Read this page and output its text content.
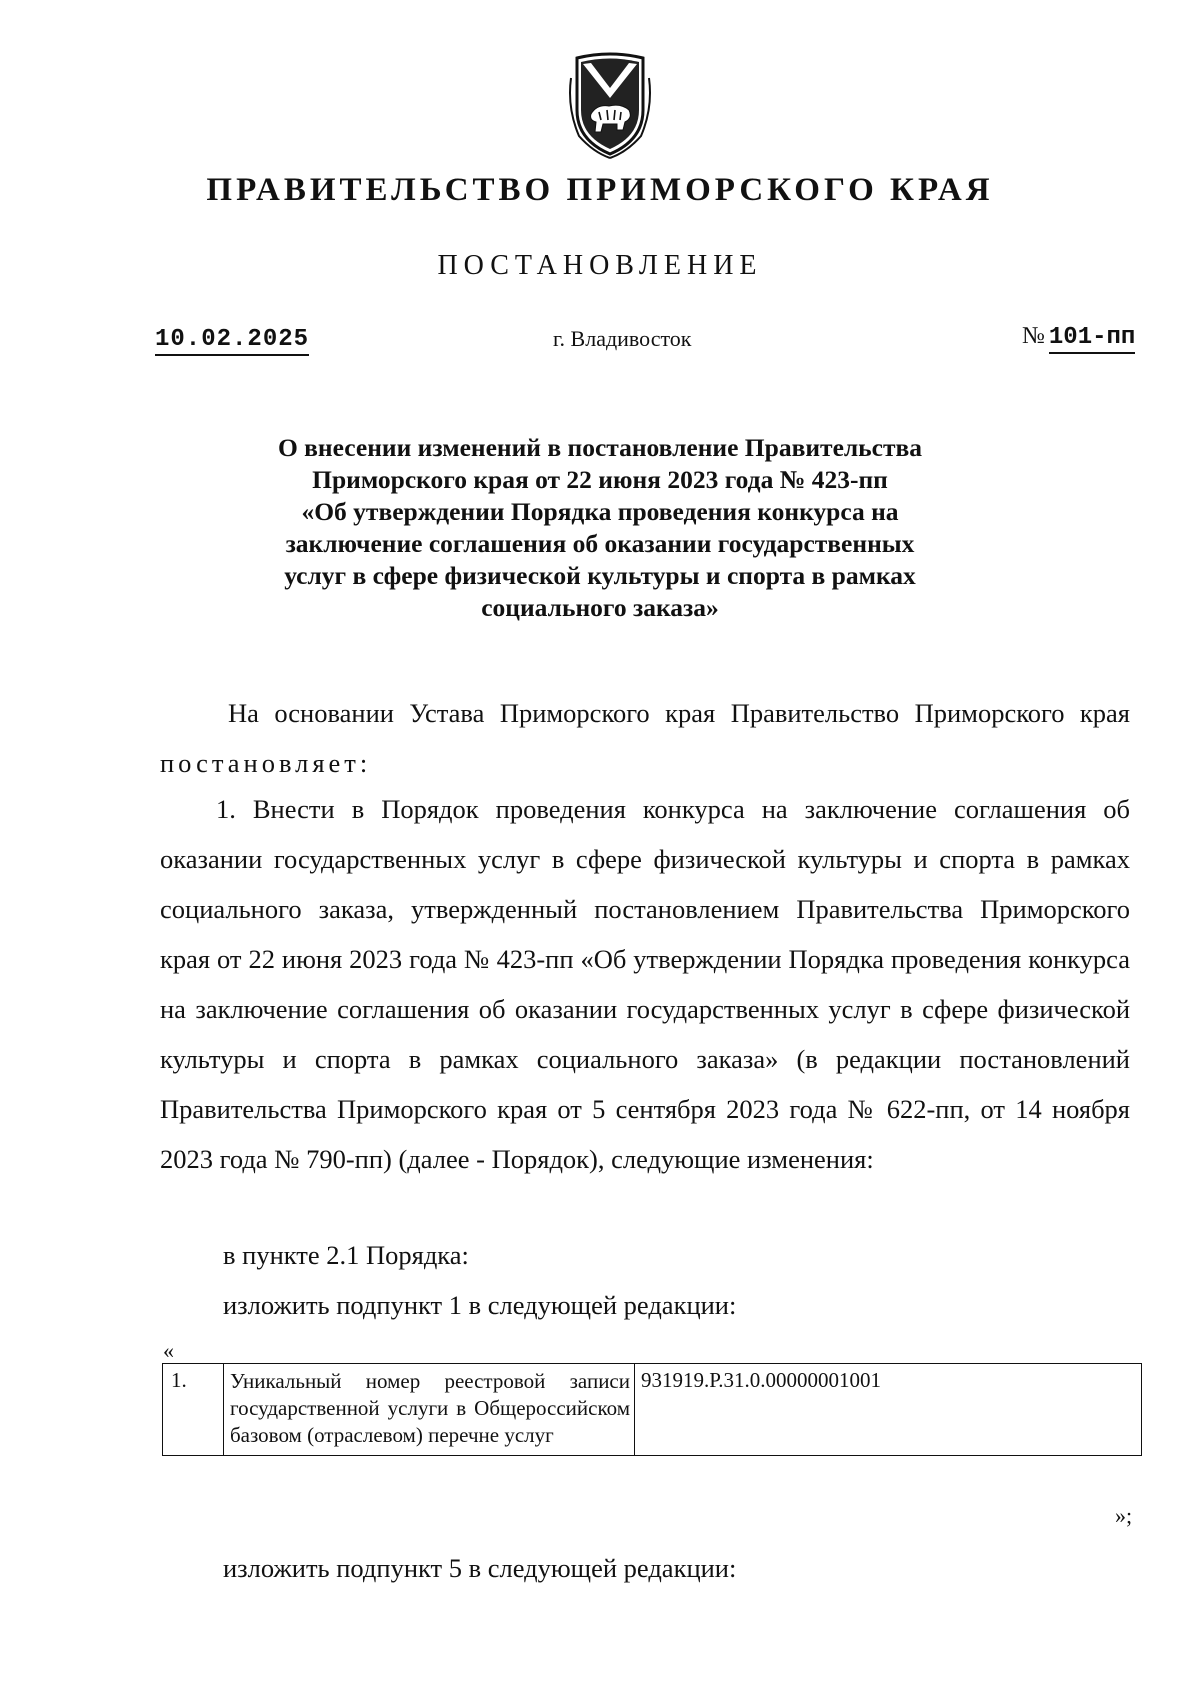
ПРАВИТЕЛЬСТВО ПРИМОРСКОГО КРАЯ
ПОСТАНОВЛЕНИЕ
10.02.2025	г. Владивосток	№ 101-пп
О внесении изменений в постановление Правительства
Приморского края от 22 июня 2023 года № 423-пп
«Об утверждении Порядка проведения конкурса на
заключение соглашения об оказании государственных
услуг в сфере физической культуры и спорта в рамках
социального заказа»

На основании Устава Приморского края Правительство Приморского края постановляет:

1. Внести в Порядок проведения конкурса на заключение соглашения об оказании государственных услуг в сфере физической культуры и спорта в рамках социального заказа, утвержденный постановлением Правительства Приморского края от 22 июня 2023 года № 423-пп «Об утверждении Порядка проведения конкурса на заключение соглашения об оказании государственных услуг в сфере физической культуры и спорта в рамках социального заказа» (в редакции постановлений Правительства Приморского края от 5 сентября 2023 года № 622-пп, от 14 ноября 2023 года № 790-пп) (далее - Порядок), следующие изменения:

в пункте 2.1 Порядка:
изложить подпункт 1 в следующей редакции:
«
1.	Уникальный номер реестровой записи государственной услуги в Общероссийском базовом (отраслевом) перечне услуг	931919.Р.31.0.00000001001
»;
изложить подпункт 5 в следующей редакции:
